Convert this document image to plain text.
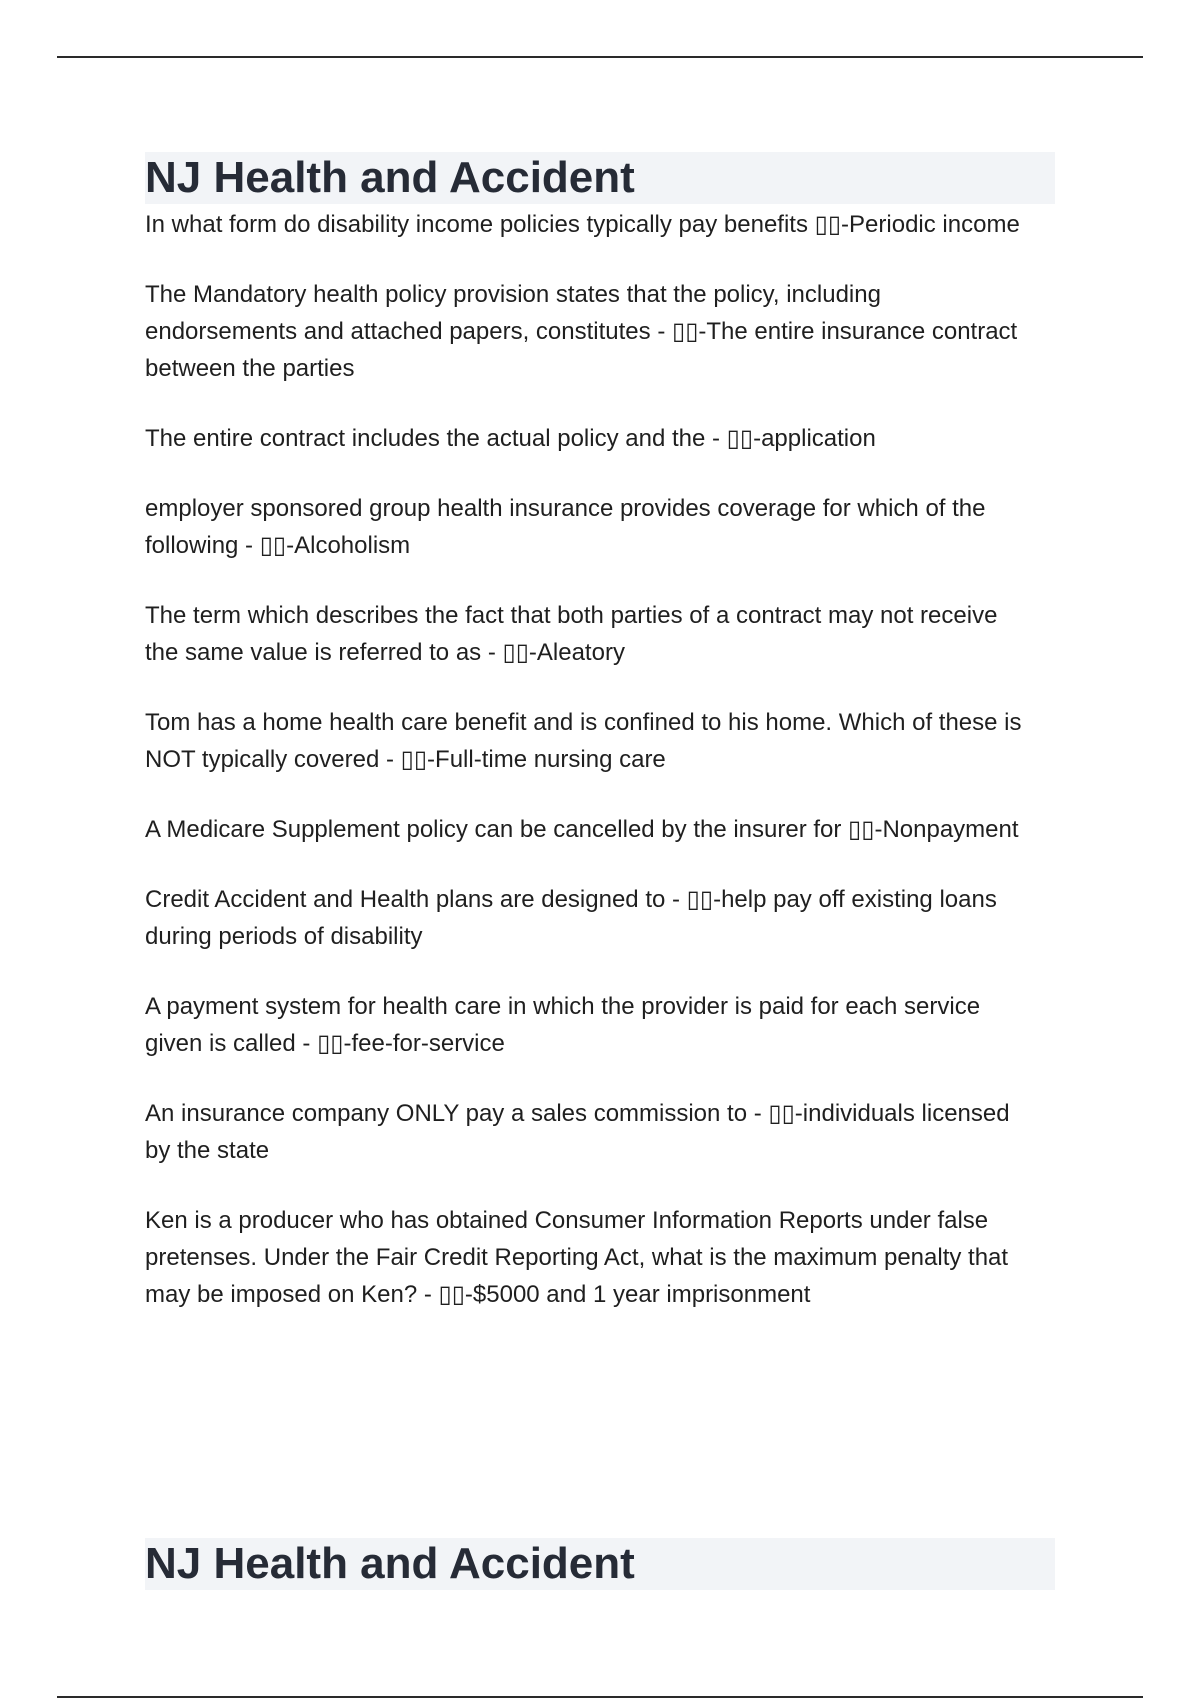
NJ Health and Accident

In what form do disability income policies typically pay benefits ▯▯-Periodic income

The Mandatory health policy provision states that the policy, including endorsements and attached papers, constitutes - ▯▯-The entire insurance contract between the parties

The entire contract includes the actual policy and the - ▯▯-application

employer sponsored group health insurance provides coverage for which of the following - ▯▯-Alcoholism

The term which describes the fact that both parties of a contract may not receive the same value is referred to as - ▯▯-Aleatory

Tom has a home health care benefit and is confined to his home. Which of these is NOT typically covered - ▯▯-Full-time nursing care

A Medicare Supplement policy can be cancelled by the insurer for ▯▯-Nonpayment

Credit Accident and Health plans are designed to - ▯▯-help pay off existing loans during periods of disability

A payment system for health care in which the provider is paid for each service given is called - ▯▯-fee-for-service

An insurance company ONLY pay a sales commission to - ▯▯-individuals licensed by the state

Ken is a producer who has obtained Consumer Information Reports under false pretenses. Under the Fair Credit Reporting Act, what is the maximum penalty that may be imposed on Ken? - ▯▯-$5000 and 1 year imprisonment

NJ Health and Accident
